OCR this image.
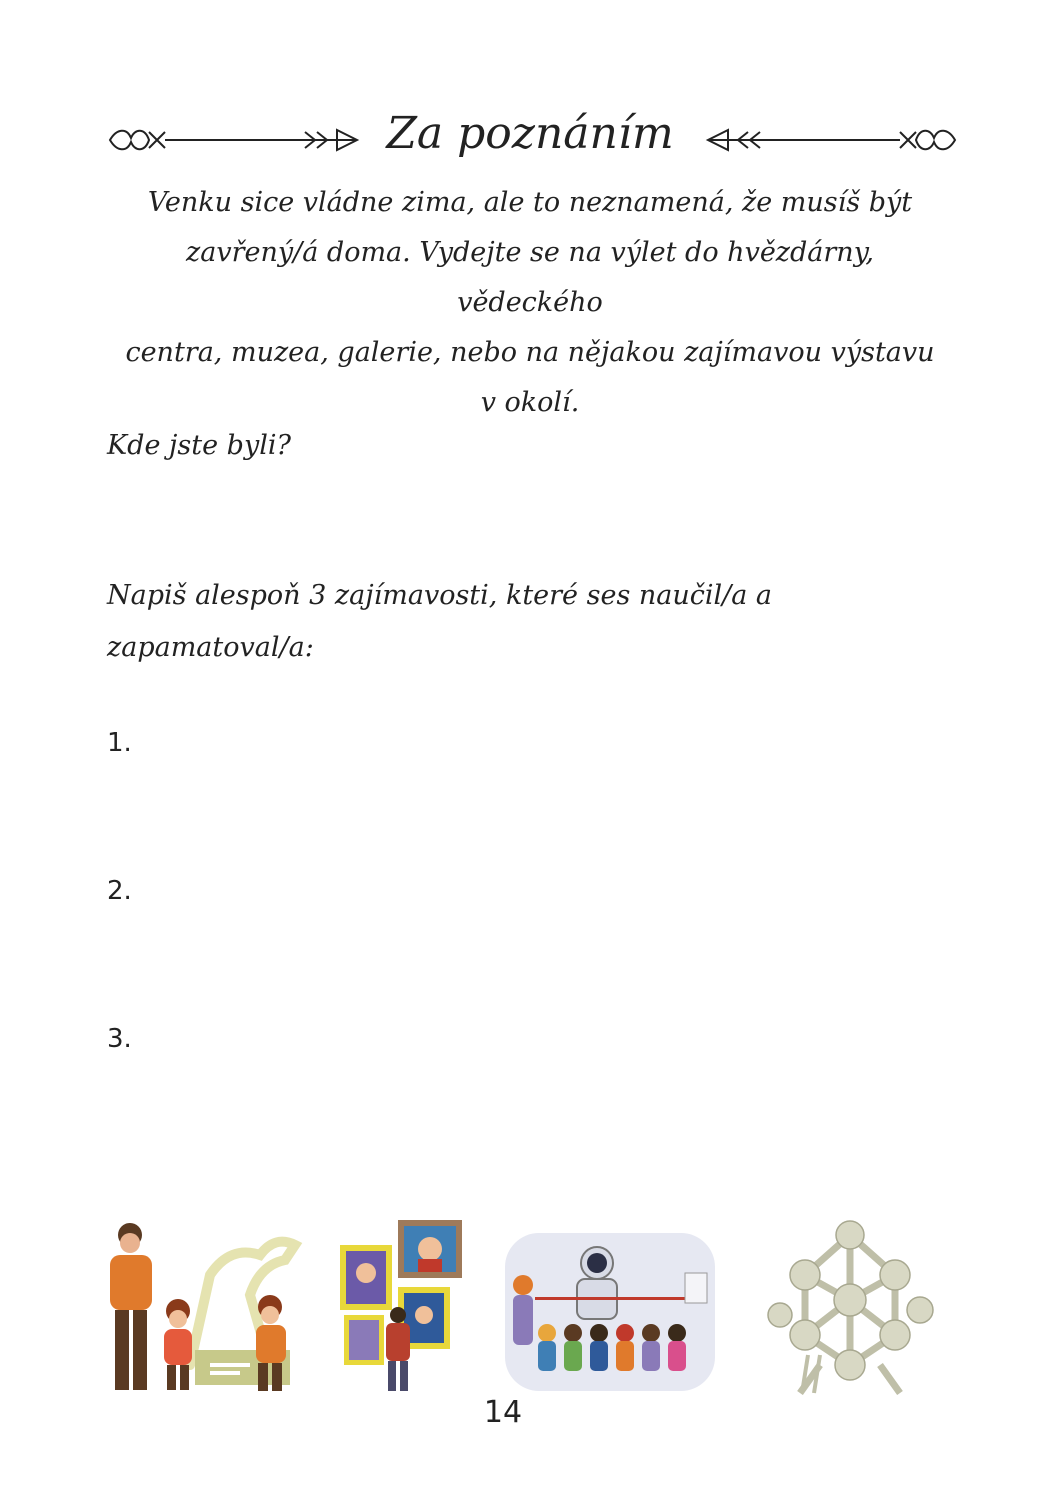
Za poznáním
Venku sice vládne zima, ale to neznamená, že musíš být
zavřený/á doma. Vydejte se na výlet do hvězdárny, vědeckého
centra, muzea, galerie, nebo na nějakou zajímavou výstavu
v okolí.
Kde jste byli?
Napiš alespoň 3 zajímavosti, které ses naučil/a a
zapamatoval/a:
1.
2.
3.
14
